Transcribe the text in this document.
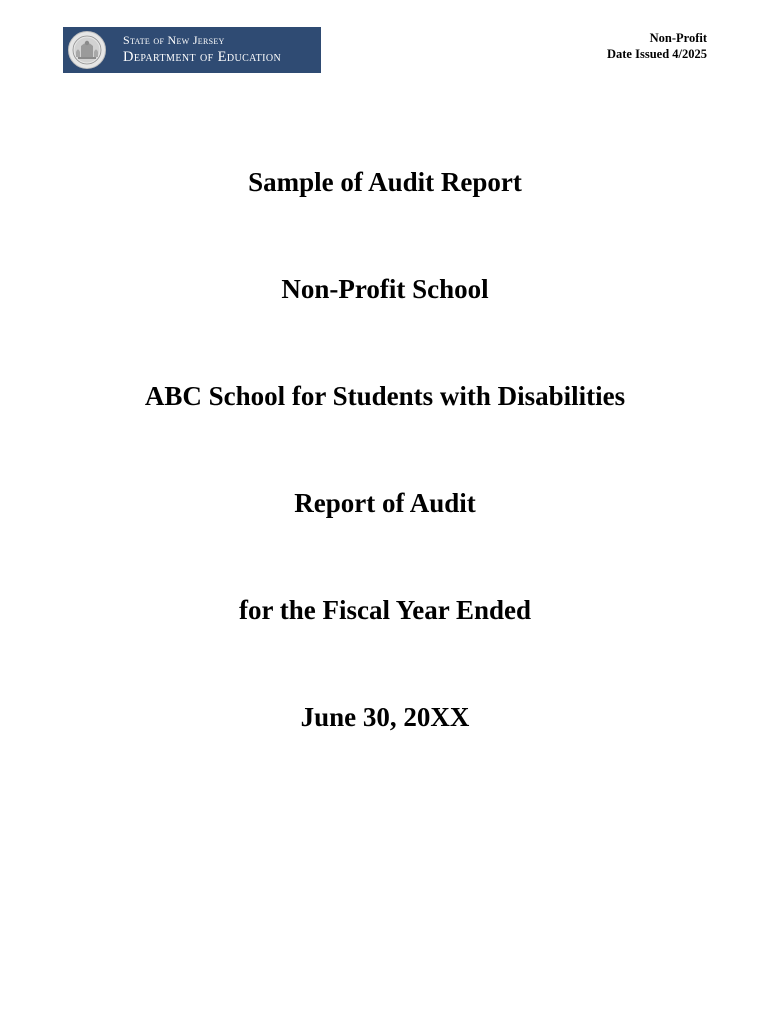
State of New Jersey
Department of Education
Non-Profit
Date Issued 4/2025
Sample of Audit Report
Non-Profit School
ABC School for Students with Disabilities
Report of Audit
for the Fiscal Year Ended
June 30, 20XX
